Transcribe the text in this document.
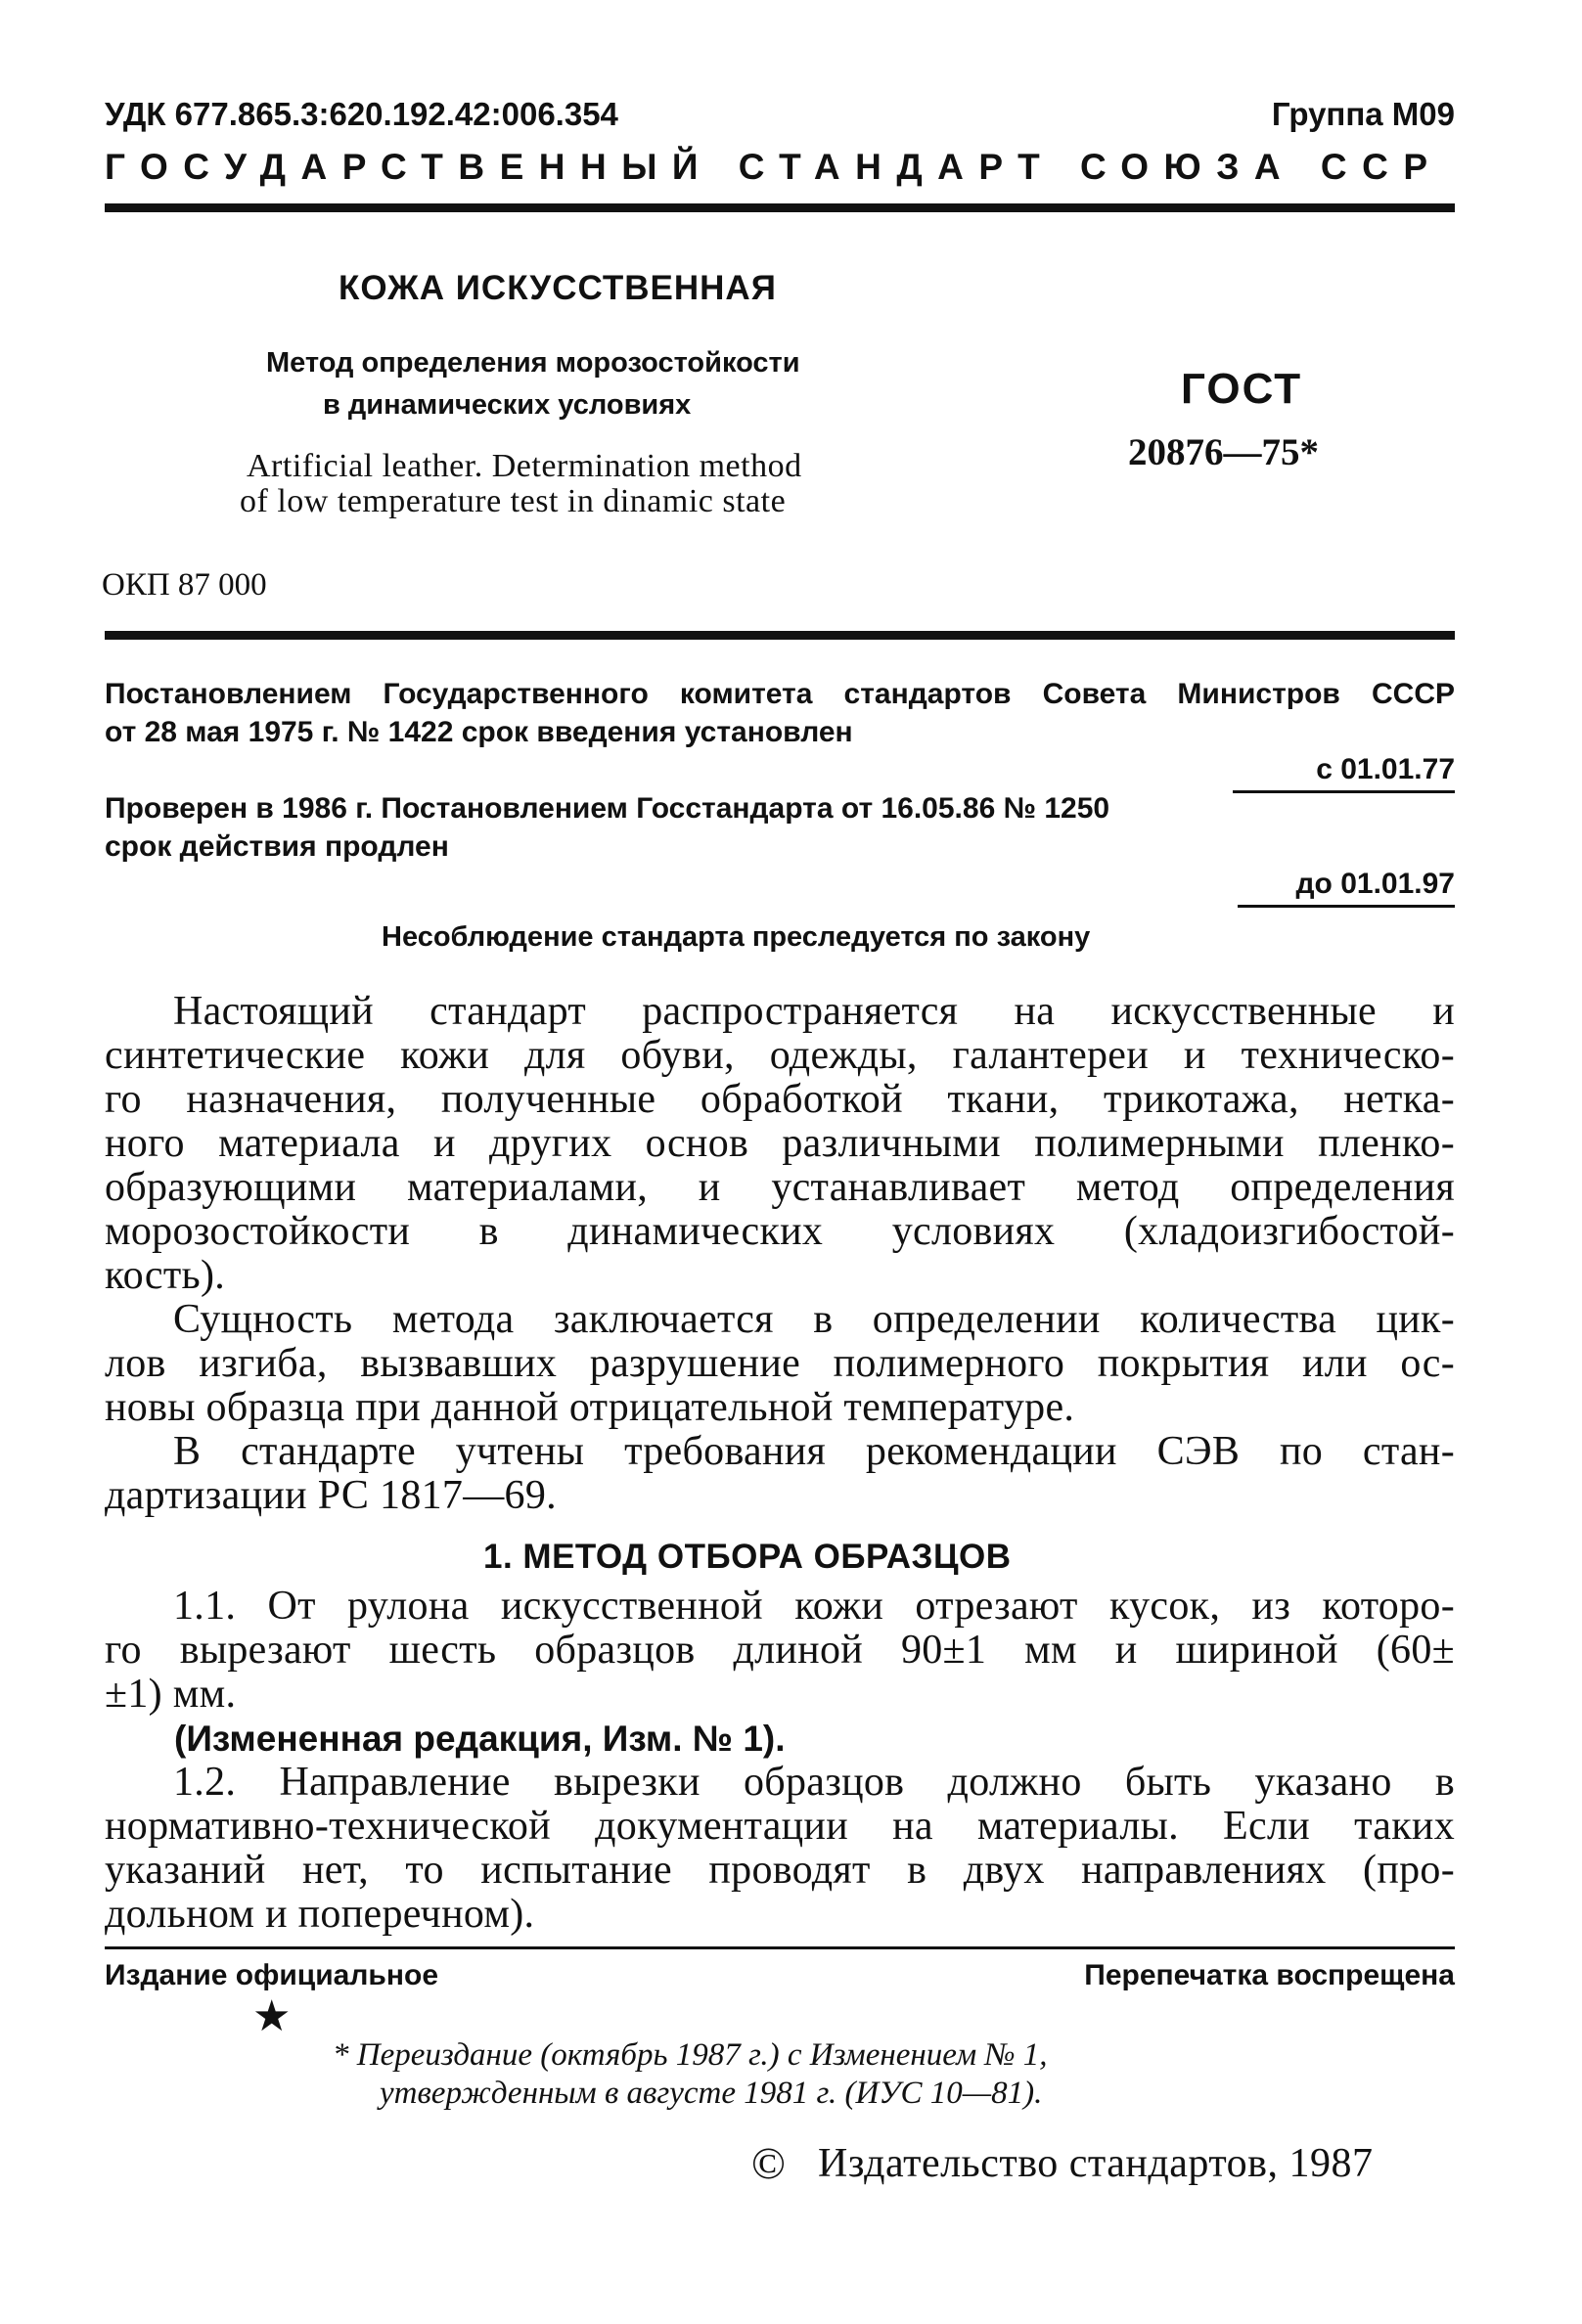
УДК 677.865.3:620.192.42:006.354	Группа М09
ГОСУДАРСТВЕННЫЙ СТАНДАРТ СОЮЗА ССР
КОЖА ИСКУССТВЕННАЯ
Метод определения морозостойкости
в динамических условиях
Artificial leather. Determination method
of low temperature test in dinamic state
ГОСТ
20876—75*
ОКП 87 000
Постановлением Государственного комитета стандартов Совета Министров СССР
от 28 мая 1975 г. № 1422 срок введения установлен
с 01.01.77
Проверен в 1986 г. Постановлением Госстандарта от 16.05.86 № 1250
срок действия продлен
до 01.01.97
Несоблюдение стандарта преследуется по закону
Настоящий стандарт распространяется на искусственные и
синтетические кожи для обуви, одежды, галантереи и техническо-
го назначения, полученные обработкой ткани, трикотажа, нетка-
ного материала и других основ различными полимерными пленко-
образующими материалами, и устанавливает метод определения
морозостойкости в динамических условиях (хладоизгибостой-
кость).
Сущность метода заключается в определении количества цик-
лов изгиба, вызвавших разрушение полимерного покрытия или ос-
новы образца при данной отрицательной температуре.
В стандарте учтены требования рекомендации СЭВ по стан-
дартизации РС 1817—69.
1. МЕТОД ОТБОРА ОБРАЗЦОВ
1.1. От рулона искусственной кожи отрезают кусок, из которо-
го вырезают шесть образцов длиной 90±1 мм и шириной (60±
±1) мм.
(Измененная редакция, Изм. № 1).
1.2. Направление вырезки образцов должно быть указано в
нормативно-технической документации на материалы. Если таких
указаний нет, то испытание проводят в двух направлениях (про-
дольном и поперечном).
Издание официальное	Перепечатка воспрещена
★
* Переиздание (октябрь 1987 г.) с Изменением № 1,
утвержденным в августе 1981 г. (ИУС 10—81).
© Издательство стандартов, 1987
